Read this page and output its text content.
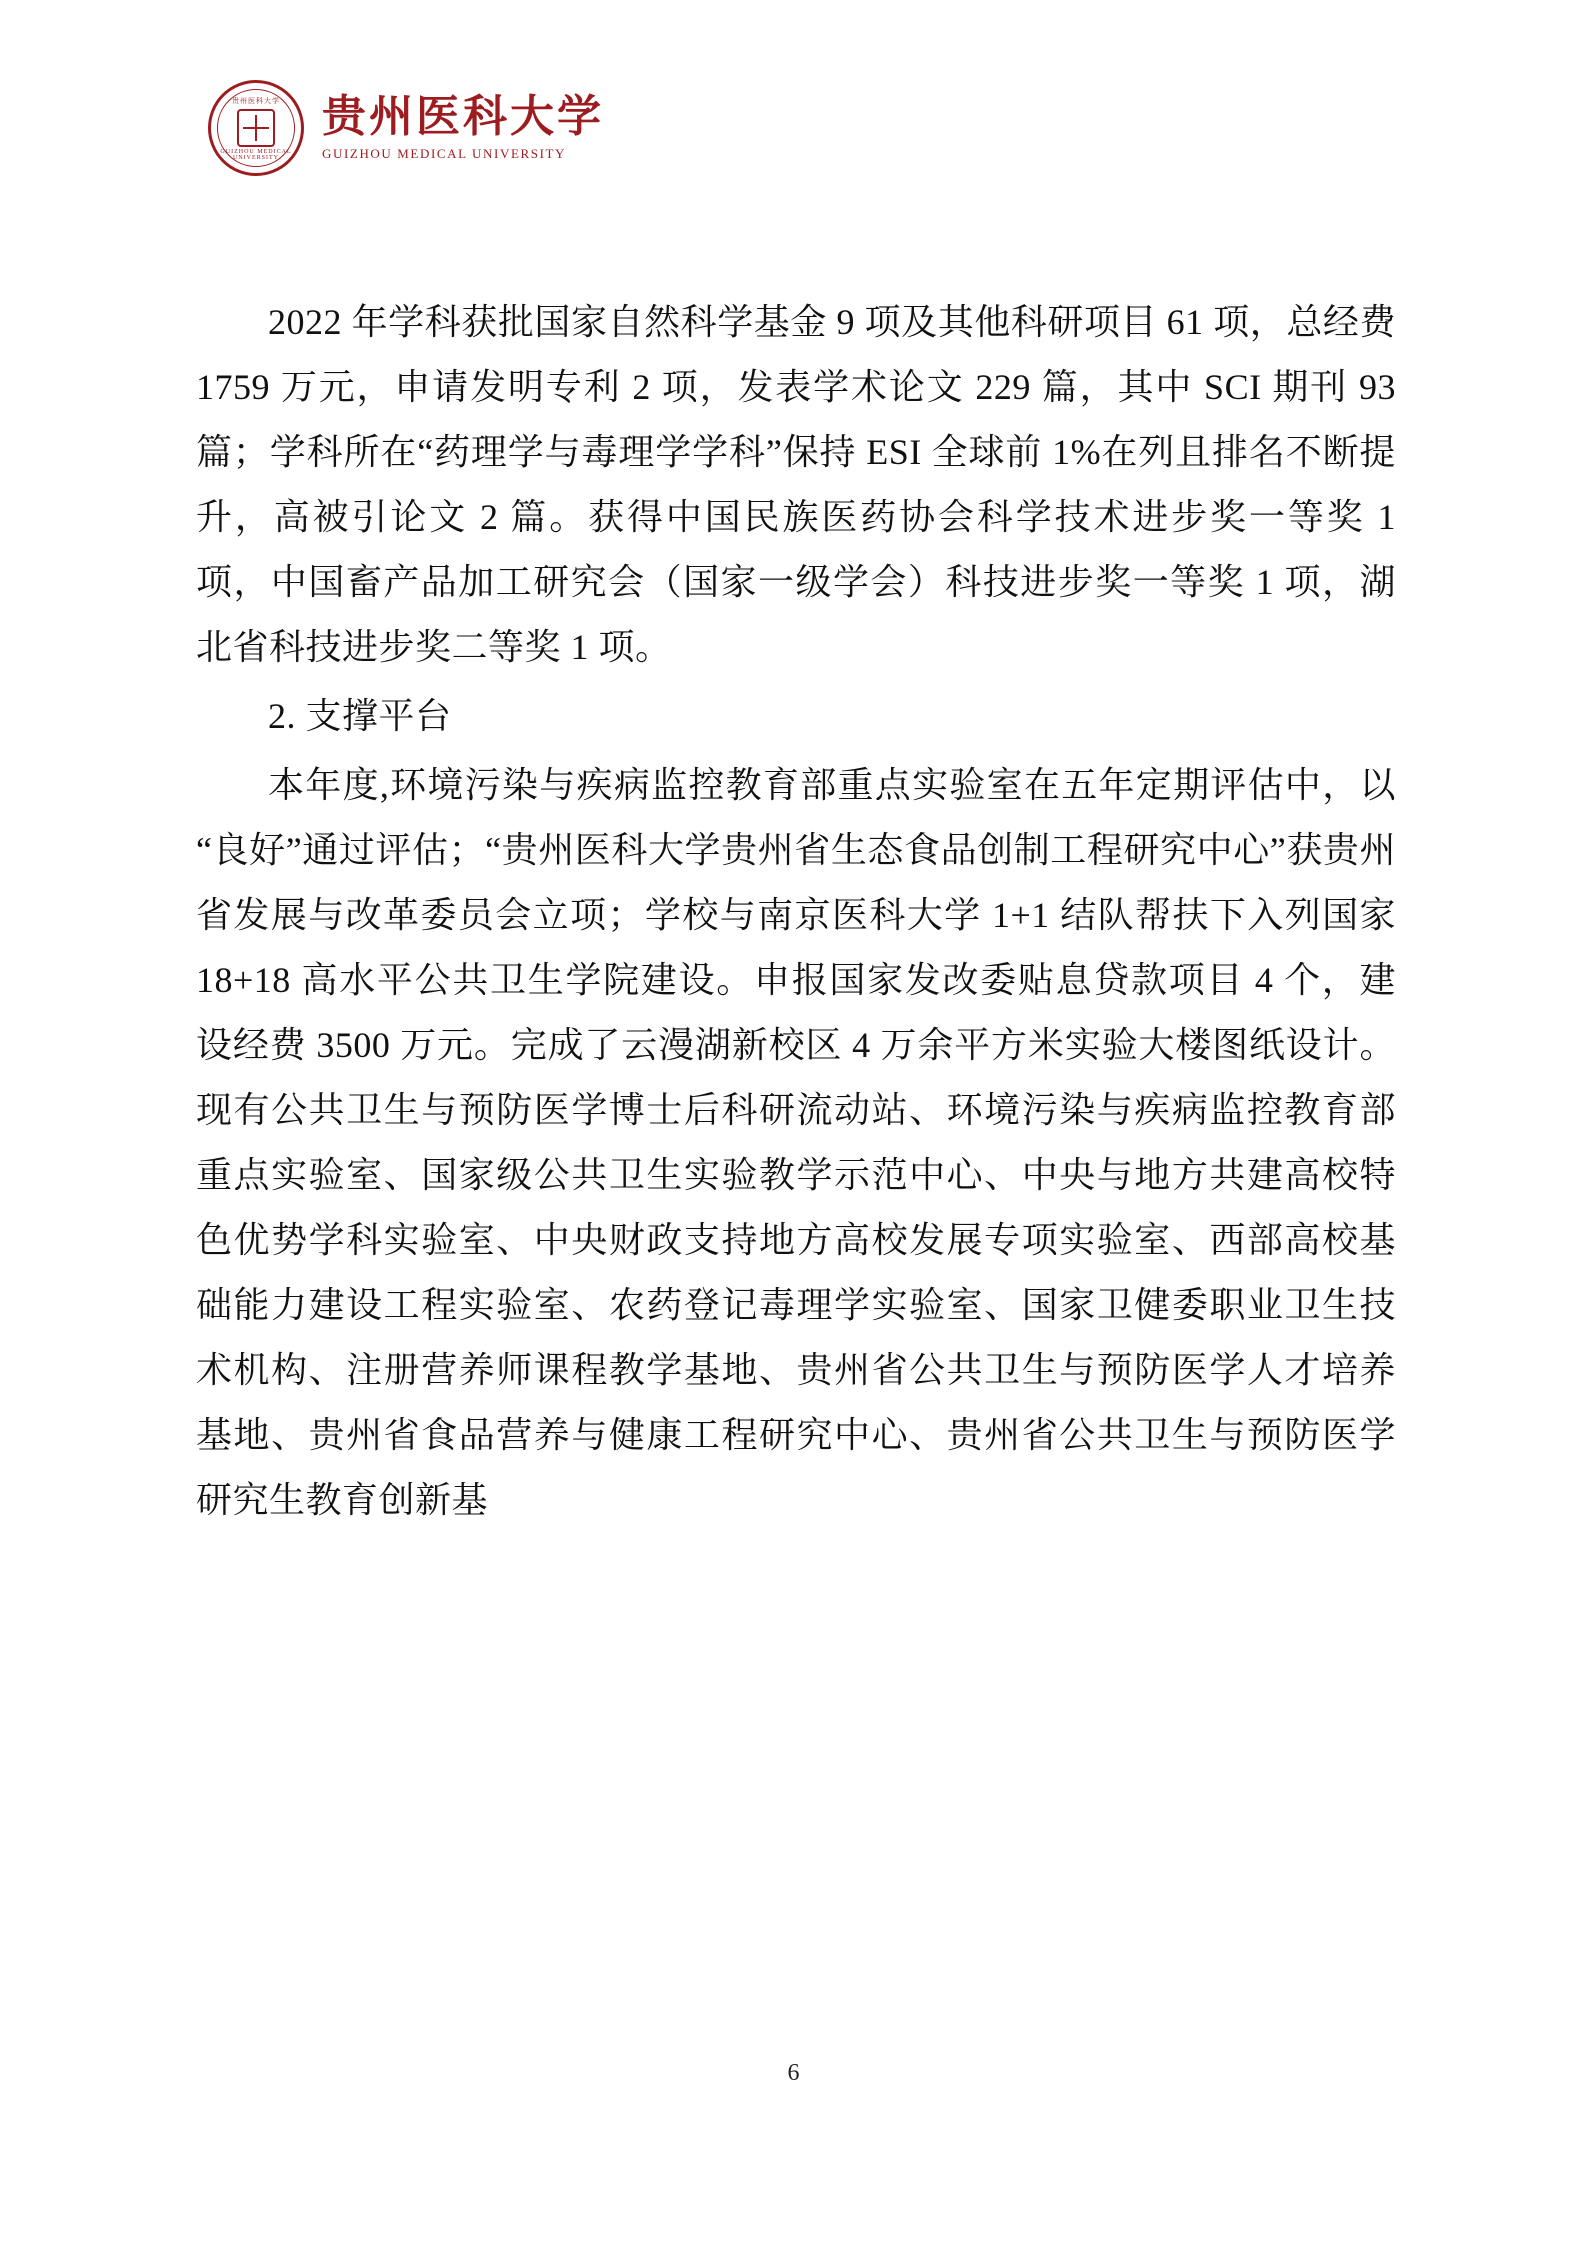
贵州医科大学
GUIZHOU MEDICAL UNIVERSITY
贵州医科大学
GUIZHOU MEDICAL UNIVERSITY

2022 年学科获批国家自然科学基金 9 项及其他科研项目 61 项，总经费 1759 万元，申请发明专利 2 项，发表学术论文 229 篇，其中 SCI 期刊 93 篇；学科所在“药理学与毒理学学科”保持 ESI 全球前 1%在列且排名不断提升，高被引论文 2 篇。获得中国民族医药协会科学技术进步奖一等奖 1 项，中国畜产品加工研究会（国家一级学会）科技进步奖一等奖 1 项，湖北省科技进步奖二等奖 1 项。

2. 支撑平台

本年度,环境污染与疾病监控教育部重点实验室在五年定期评估中，以“良好”通过评估；“贵州医科大学贵州省生态食品创制工程研究中心”获贵州省发展与改革委员会立项；学校与南京医科大学 1+1 结队帮扶下入列国家 18+18 高水平公共卫生学院建设。申报国家发改委贴息贷款项目 4 个，建设经费 3500 万元。完成了云漫湖新校区 4 万余平方米实验大楼图纸设计。现有公共卫生与预防医学博士后科研流动站、环境污染与疾病监控教育部重点实验室、国家级公共卫生实验教学示范中心、中央与地方共建高校特色优势学科实验室、中央财政支持地方高校发展专项实验室、西部高校基础能力建设工程实验室、农药登记毒理学实验室、国家卫健委职业卫生技术机构、注册营养师课程教学基地、贵州省公共卫生与预防医学人才培养基地、贵州省食品营养与健康工程研究中心、贵州省公共卫生与预防医学研究生教育创新基

6
